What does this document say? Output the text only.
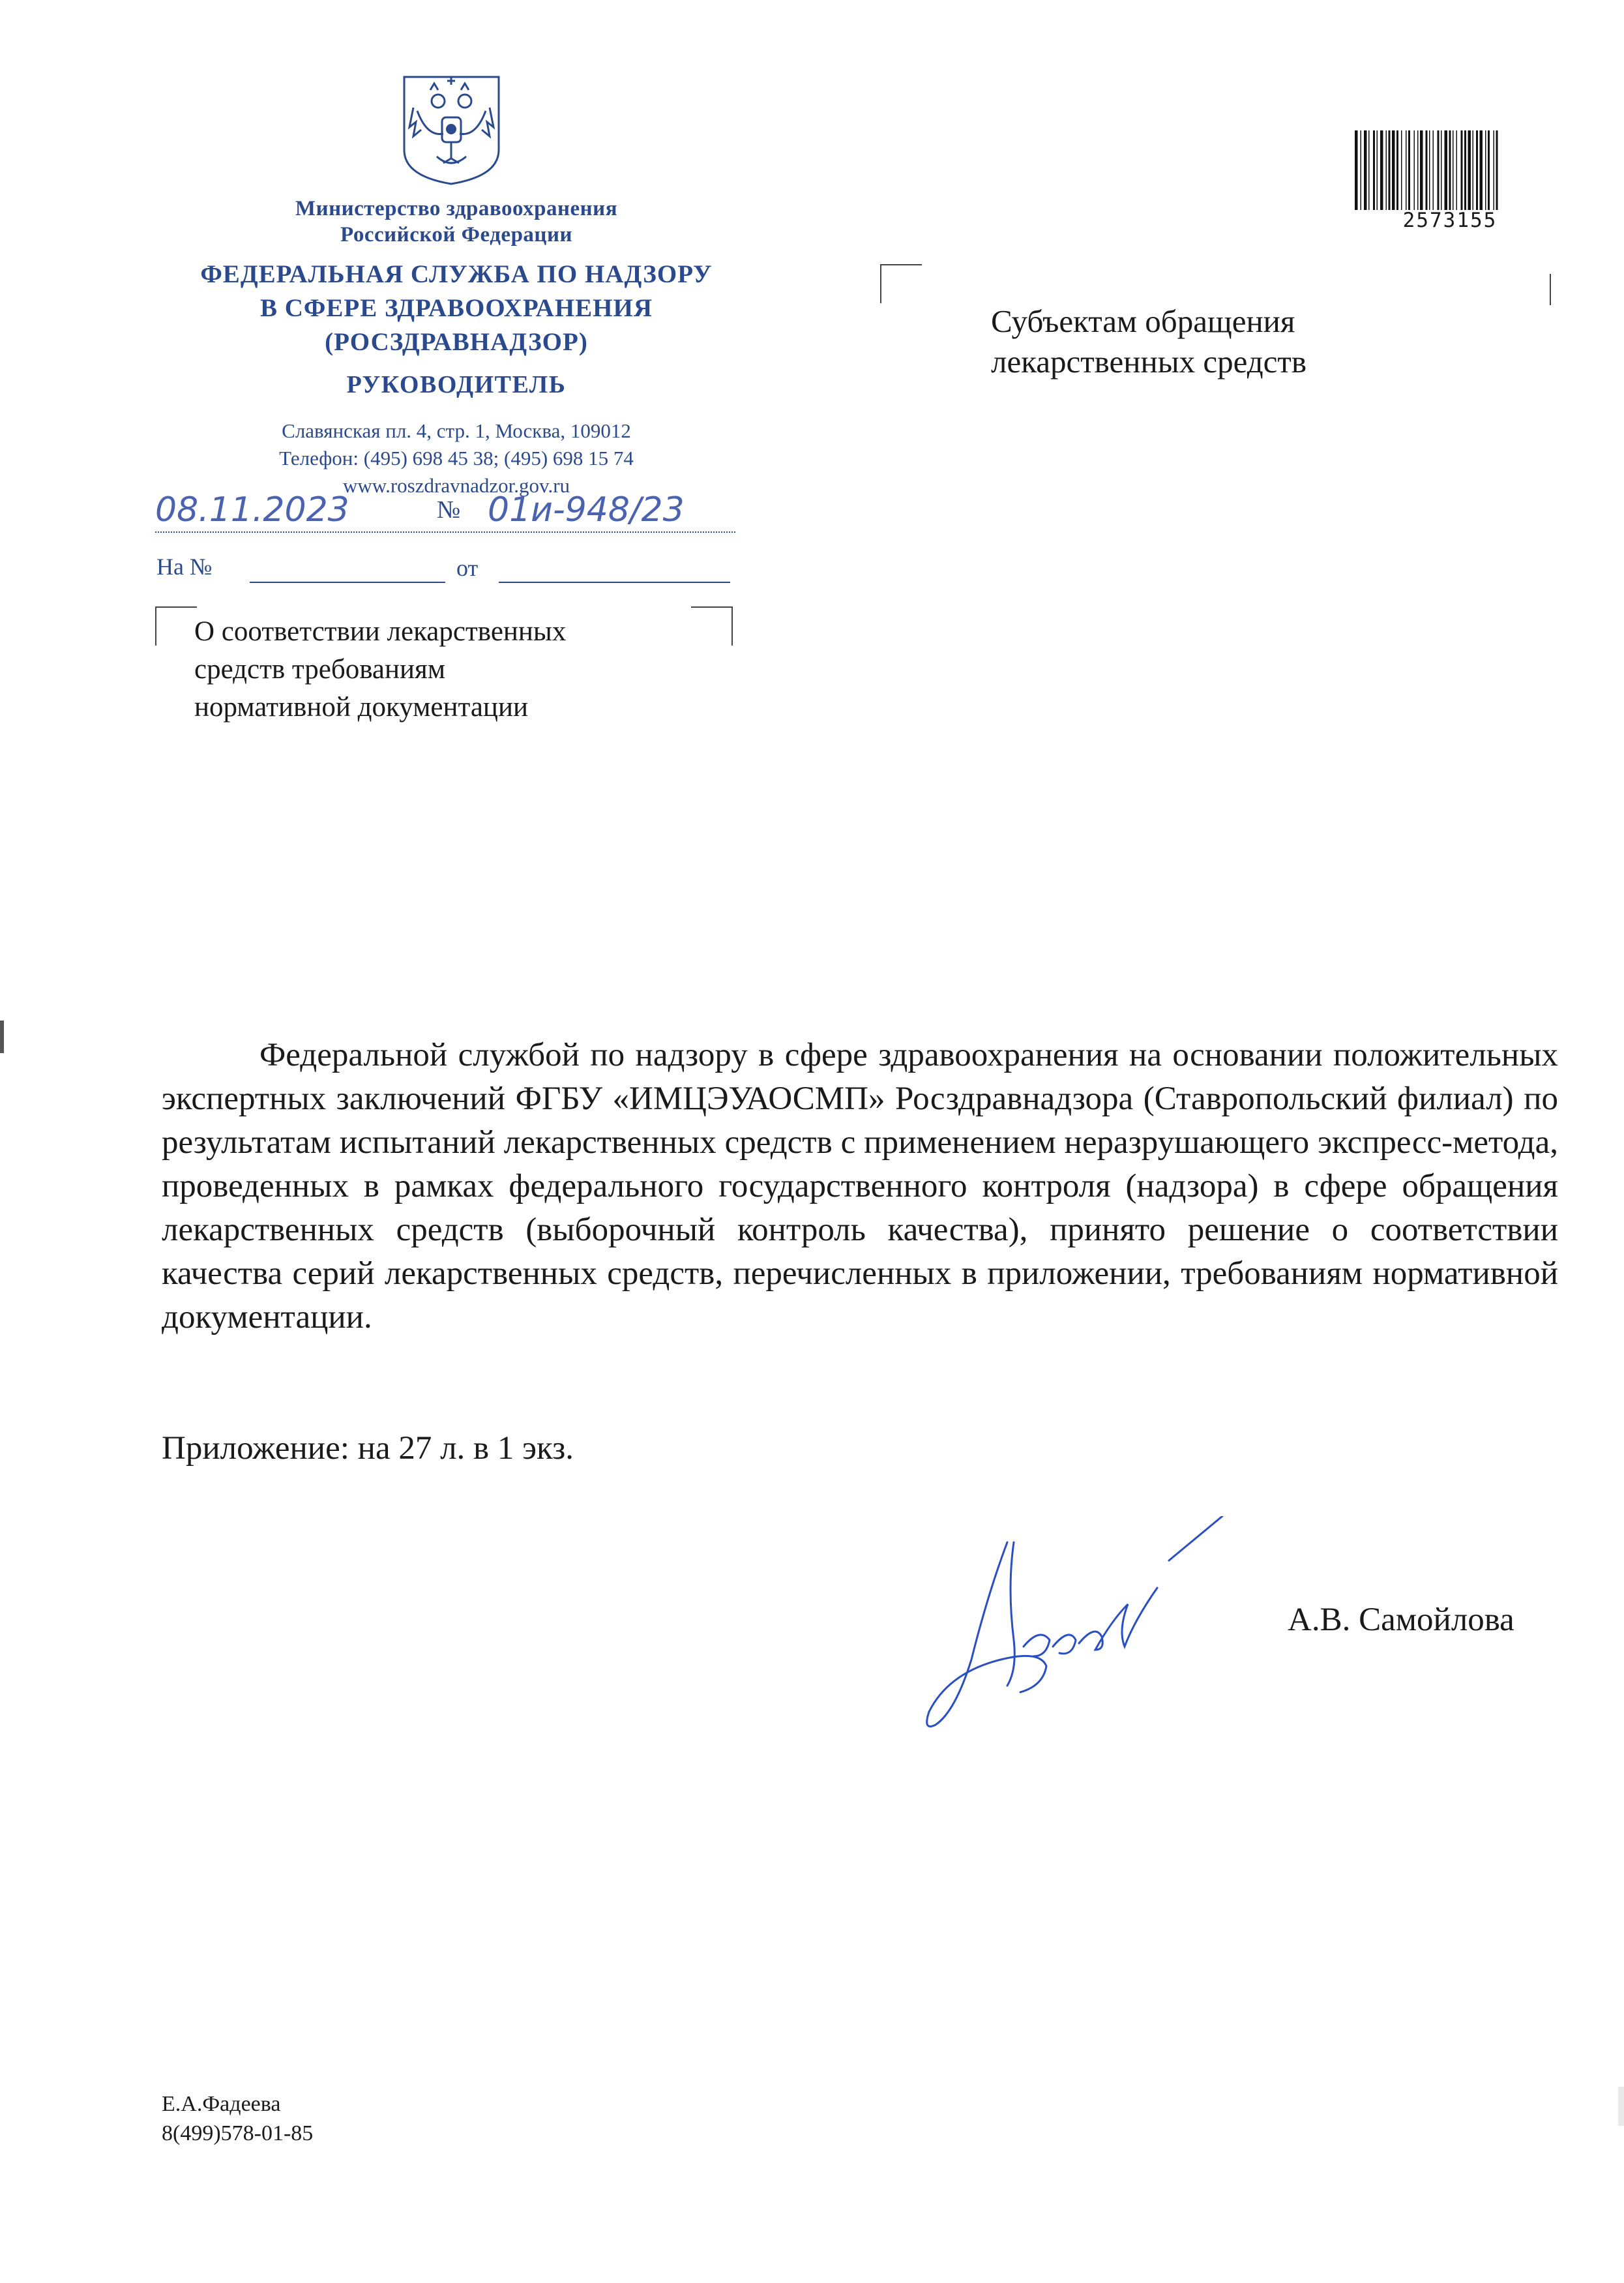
Министерство здравоохранения
Российской Федерации
ФЕДЕРАЛЬНАЯ СЛУЖБА ПО НАДЗОРУ
В СФЕРЕ ЗДРАВООХРАНЕНИЯ
(РОСЗДРАВНАДЗОР)
РУКОВОДИТЕЛЬ
Славянская пл. 4, стр. 1, Москва, 109012
Телефон: (495) 698 45 38; (495) 698 15 74
www.roszdravnadzor.gov.ru
08.11.2023	№ 01и-948/23
На №	от
О соответствии лекарственных
средств требованиям
нормативной документации
2573155
Субъектам обращения
лекарственных средств
Федеральной службой по надзору в сфере здравоохранения на основании положительных экспертных заключений ФГБУ «ИМЦЭУАОСМП» Росздравнадзора (Ставропольский филиал) по результатам испытаний лекарственных средств с применением неразрушающего экспресс-метода, проведенных в рамках федерального государственного контроля (надзора) в сфере обращения лекарственных средств (выборочный контроль качества), принято решение о соответствии качества серий лекарственных средств, перечисленных в приложении, требованиям нормативной документации.
Приложение: на 27 л. в 1 экз.
А.В. Самойлова
Е.А.Фадеева
8(499)578-01-85
